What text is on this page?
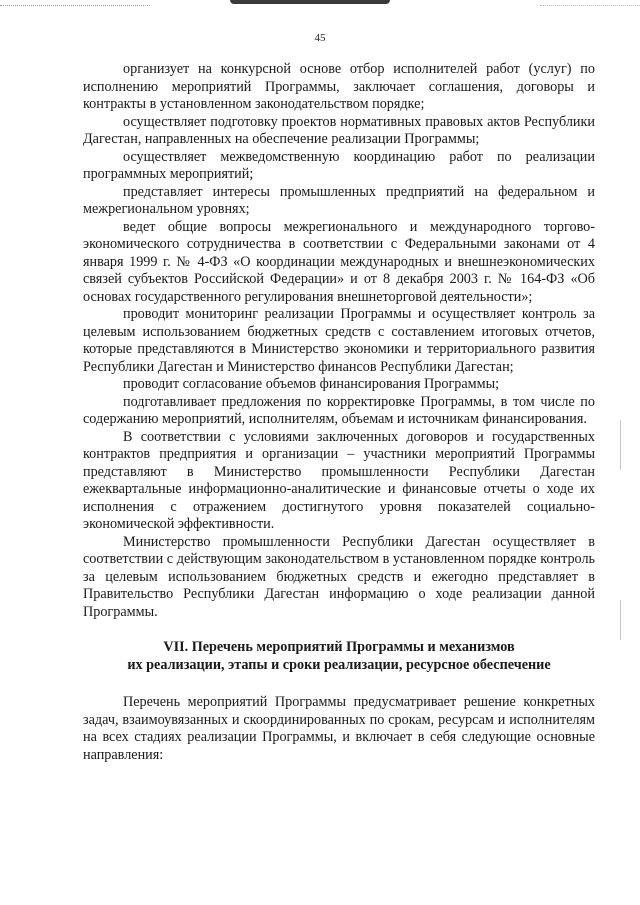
45

организует на конкурсной основе отбор исполнителей работ (услуг) по исполнению мероприятий Программы, заключает соглашения, договоры и контракты в установленном законодательством порядке;

осуществляет подготовку проектов нормативных правовых актов Республики Дагестан, направленных на обеспечение реализации Программы;

осуществляет межведомственную координацию работ по реализации программных мероприятий;

представляет интересы промышленных предприятий на федеральном и межрегиональном уровнях;

ведет общие вопросы межрегионального и международного торгово-экономического сотрудничества в соответствии с Федеральными законами от 4 января 1999 г. № 4-ФЗ «О координации международных и внешнеэкономических связей субъектов Российской Федерации» и от 8 декабря 2003 г. № 164-ФЗ «Об основах государственного регулирования внешнеторговой деятельности»;

проводит мониторинг реализации Программы и осуществляет контроль за целевым использованием бюджетных средств с составлением итоговых отчетов, которые представляются в Министерство экономики и территориального развития Республики Дагестан и Министерство финансов Республики Дагестан;

проводит согласование объемов финансирования Программы;

подготавливает предложения по корректировке Программы, в том числе по содержанию мероприятий, исполнителям, объемам и источникам финансирования.

В соответствии с условиями заключенных договоров и государственных контрактов предприятия и организации – участники мероприятий Программы представляют в Министерство промышленности Республики Дагестан ежеквартальные информационно-аналитические и финансовые отчеты о ходе их исполнения с отражением достигнутого уровня показателей социально-экономической эффективности.

Министерство промышленности Республики Дагестан осуществляет в соответствии с действующим законодательством в установленном порядке контроль за целевым использованием бюджетных средств и ежегодно представляет в Правительство Республики Дагестан информацию о ходе реализации данной Программы.

VII. Перечень мероприятий Программы и механизмов
их реализации, этапы и сроки реализации, ресурсное обеспечение

Перечень мероприятий Программы предусматривает решение конкретных задач, взаимоувязанных и скоординированных по срокам, ресурсам и исполнителям на всех стадиях реализации Программы, и включает в себя следующие основные направления:
